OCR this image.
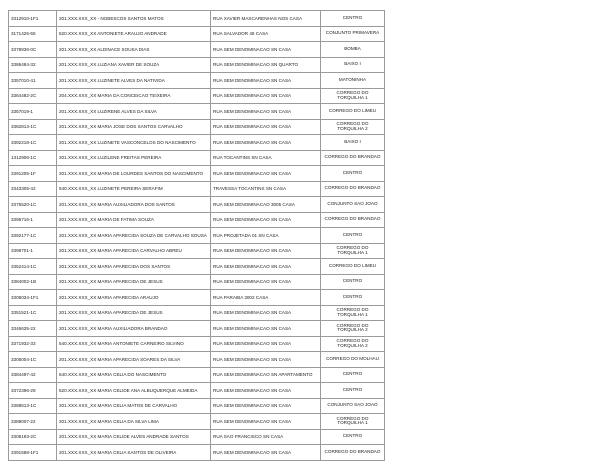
3312910-1F1	201.XXX.XXX_XX - NOBESCOS SANTOS MATOS	RUA XAVIER MASCARENHAS NOS CASA	CENTRO
3171425-55	520.XXX.XXX_XX ANTONIETE ARAUJO ANDRADE	RUA SALVADOR 46 CASA	CONJUNTO PRIMAVERA
3378936-0C	201.XXX.XXX_XX ALDINACE SOUSA DIAS	RUA SEM DENOMINACAO SN CASA	BOMBA
3386484-32	201.XXX.XXX_XX LUZIANA XAVIER DE SOUZA	RUA SEM DENOMINACAO SN QUARTO	BAIXO I
3357010-41	201.XXX.XXX_XX LUZINETE ALVES DA NATIVIDA	RUA SEM DENOMINACAO SN CASA	MATONINHA
3364482-2C	204.XXX.XXX_XX MARIA DA CONCEICAO TEIXEIRA	RUA SEM DENOMINACAO SN CASA	CORREGO DO TORQUILHA 1
3357019-1	201.XXX.XXX_XX LUZIRENE ALVES DA SILVA	RUA SEM DENOMINACAO SN CASA	CORREGO DO LIMEU
3382813-1C	201.XXX.XXX_XX MARIA JOSE DOS SANTOS CARVALHO	RUA SEM DENOMINACAO SN CASA	CORREGO DO TORQUILHA 2
3392218-1C	201.XXX.XXX_XX LUZINETE VASCONCELOS DO NASCIMENTO	RUA SEM DENOMINACAO SN CASA	BAIXO I
1312906-1C	201.XXX.XXX_XX LUZILENE FREITAS PEREIRA	RUA TOCANTINS SN CASA	CORREGO DO BRANDAO
3391205-1F	201.XXX.XXX_XX MARIA DE LOURDES SANTOS DO NASCIMENTO	RUA SEM DENOMINACAO SN CASA	CENTRO
3343305-42	540.XXX.XXX_XX LUZINETE PEREIRA SERAFIM	TRAVESSA TOCANTINS SN CASA	CORREGO DO BRANDAO
3375520-1C	201.XXX.XXX_XX MARIA AUXILIADORA DOS SANTOS	RUA SEM DENOMINACAO 3005 CASA	CONJUNTO SAO JOAO
3395716-1	201.XXX.XXX_XX MARIA DE FATIMA SOUZA	RUA SEM DENOMINACAO SN CASA	CORREGO DO BRANDAO
3392177-1C	201.XXX.XXX_XX MARIA APARECIDA SOUZA DE CARVALHO SOUSA	RUA PROJETADA 01 SN CASA	CENTRO
3398701-1	201.XXX.XXX_XX MARIA APARECIDA CARVALHO ABREU	RUA SEM DENOMINACAO SN CASA	CORREGO DO TORQUILHA 1
3352414-1C	201.XXX.XXX_XX MARIA APARECIDA DOS SANTOS	RUA SEM DENOMINACAO SN CASA	CORREGO DO LIMEU
3384002-1B	201.XXX.XXX_XX MARIA APARECIDA DE JESUS	RUA SEM DENOMINACAO SN CASA	CENTRO
3305034-1F1	201.XXX.XXX_XX MARIA APARECIDA ARAUJO	RUA PARAIBA 3002 CASA	CENTRO
3351521-1C	201.XXX.XXX_XX MARIA APARECIDA DE JESUS	RUA SEM DENOMINACAO SN CASA	CORREGO DO TORQUILHA 1
3346635-22	201.XXX.XXX_XX MARIA AUXILIADORA BRANDAO	RUA SEM DENOMINACAO SN CASA	CORREGO DO TORQUILHA 2
3371932-33	540.XXX.XXX_XX MARIA ANTONIETE CARNEIRO SILVINO	RUA SEM DENOMINACAO SN CASA	CORREGO DO TORQUILHA 2
3305004-1C	201.XXX.XXX_XX MARIA APARECIDA SOARES DA SILVA	RUA SEM DENOMINACAO SN CASA	CORREGO DO MOLHAU
3384497-42	540.XXX.XXX_XX MARIA CELIA DO NASCIMENTO	RUA SEM DENOMINACAO SN APARTAMENTO	CENTRO
3372396-29	520.XXX.XXX_XX MARIA CELIDE ANA ALBUQUERQUE ALMEIDA	RUA SEM DENOMINACAO SN CASA	CENTRO
3388513-1C	201.XXX.XXX_XX MARIA CELIA MATOS DE CARVALHO	RUA SEM DENOMINACAO SN CASA	CONJUNTO SAO JOAO
3389007-22	201.XXX.XXX_XX MARIA CELIA DA SILVA LIMA	RUA SEM DENOMINACAO SN CASA	CORREGO DO TORQUILHA 1
3308193-2C	201.XXX.XXX_XX MARIA CELIDE ALVES ANDRADE SANTOS	RUA SAO FRANCISCO SN CASA	CENTRO
3391588-1F1	201.XXX.XXX_XX MARIA CELIA SANTOS DE OLIVEIRA	RUA SEM DENOMINACAO SN CASA	CORREGO DO BRANDAO
